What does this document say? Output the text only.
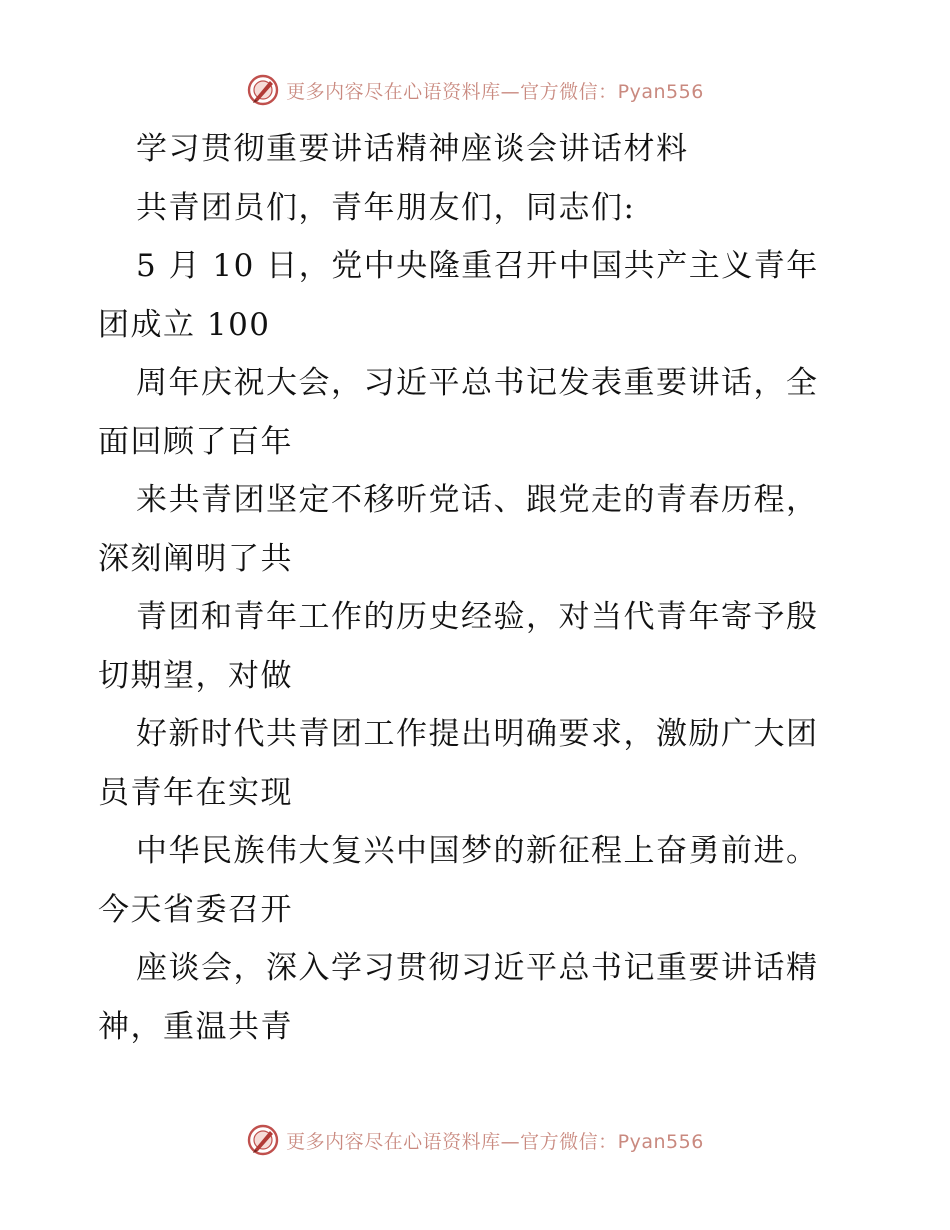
更多内容尽在心语资料库—官方微信：Pyan556

学习贯彻重要讲话精神座谈会讲话材料

共青团员们，青年朋友们，同志们:

5 月 10 日，党中央隆重召开中国共产主义青年

团成立 100

周年庆祝大会，习近平总书记发表重要讲话，全

面回顾了百年

来共青团坚定不移听党话、跟党走的青春历程，

深刻阐明了共

青团和青年工作的历史经验，对当代青年寄予殷

切期望，对做

好新时代共青团工作提出明确要求，激励广大团

员青年在实现

中华民族伟大复兴中国梦的新征程上奋勇前进。

今天省委召开

座谈会，深入学习贯彻习近平总书记重要讲话精

神，重温共青

更多内容尽在心语资料库—官方微信：Pyan556
